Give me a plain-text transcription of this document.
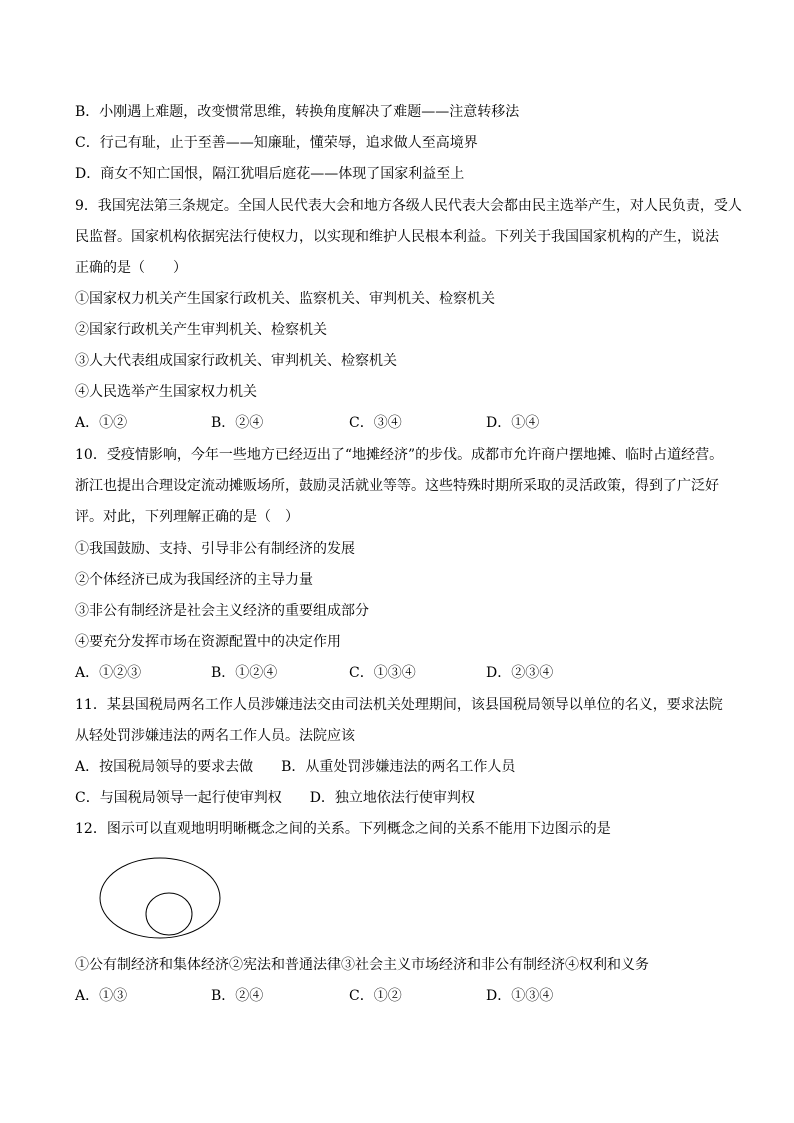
B．小刚遇上难题，改变惯常思维，转换角度解决了难题——注意转移法
C．行己有耻，止于至善——知廉耻，懂荣辱，追求做人至高境界
D．商女不知亡国恨，隔江犹唱后庭花——体现了国家利益至上
9．我国宪法第三条规定。全国人民代表大会和地方各级人民代表大会都由民主选举产生，对人民负责，受人
民监督。国家机构依据宪法行使权力，以实现和维护人民根本利益。下列关于我国国家机构的产生，说法
正确的是（　　）
①国家权力机关产生国家行政机关、监察机关、审判机关、检察机关
②国家行政机关产生审判机关、检察机关
③人大代表组成国家行政机关、审判机关、检察机关
④人民选举产生国家权力机关
A．①②	B．②④	C．③④	D．①④
10．受疫情影响，今年一些地方已经迈出了“地摊经济”的步伐。成都市允许商户摆地摊、临时占道经营。
浙江也提出合理设定流动摊贩场所，鼓励灵活就业等等。这些特殊时期所采取的灵活政策，得到了广泛好
评。对此，下列理解正确的是（　）
①我国鼓励、支持、引导非公有制经济的发展
②个体经济已成为我国经济的主导力量
③非公有制经济是社会主义经济的重要组成部分
④要充分发挥市场在资源配置中的决定作用
A．①②③	B．①②④	C．①③④	D．②③④
11．某县国税局两名工作人员涉嫌违法交由司法机关处理期间，该县国税局领导以单位的名义，要求法院
从轻处罚涉嫌违法的两名工作人员。法院应该
A．按国税局领导的要求去做　　B．从重处罚涉嫌违法的两名工作人员
C．与国税局领导一起行使审判权　　D．独立地依法行使审判权
12．图示可以直观地明明晰概念之间的关系。下列概念之间的关系不能用下边图示的是
①公有制经济和集体经济②宪法和普通法律③社会主义市场经济和非公有制经济④权利和义务
A．①③	B．②④	C．①②	D．①③④
